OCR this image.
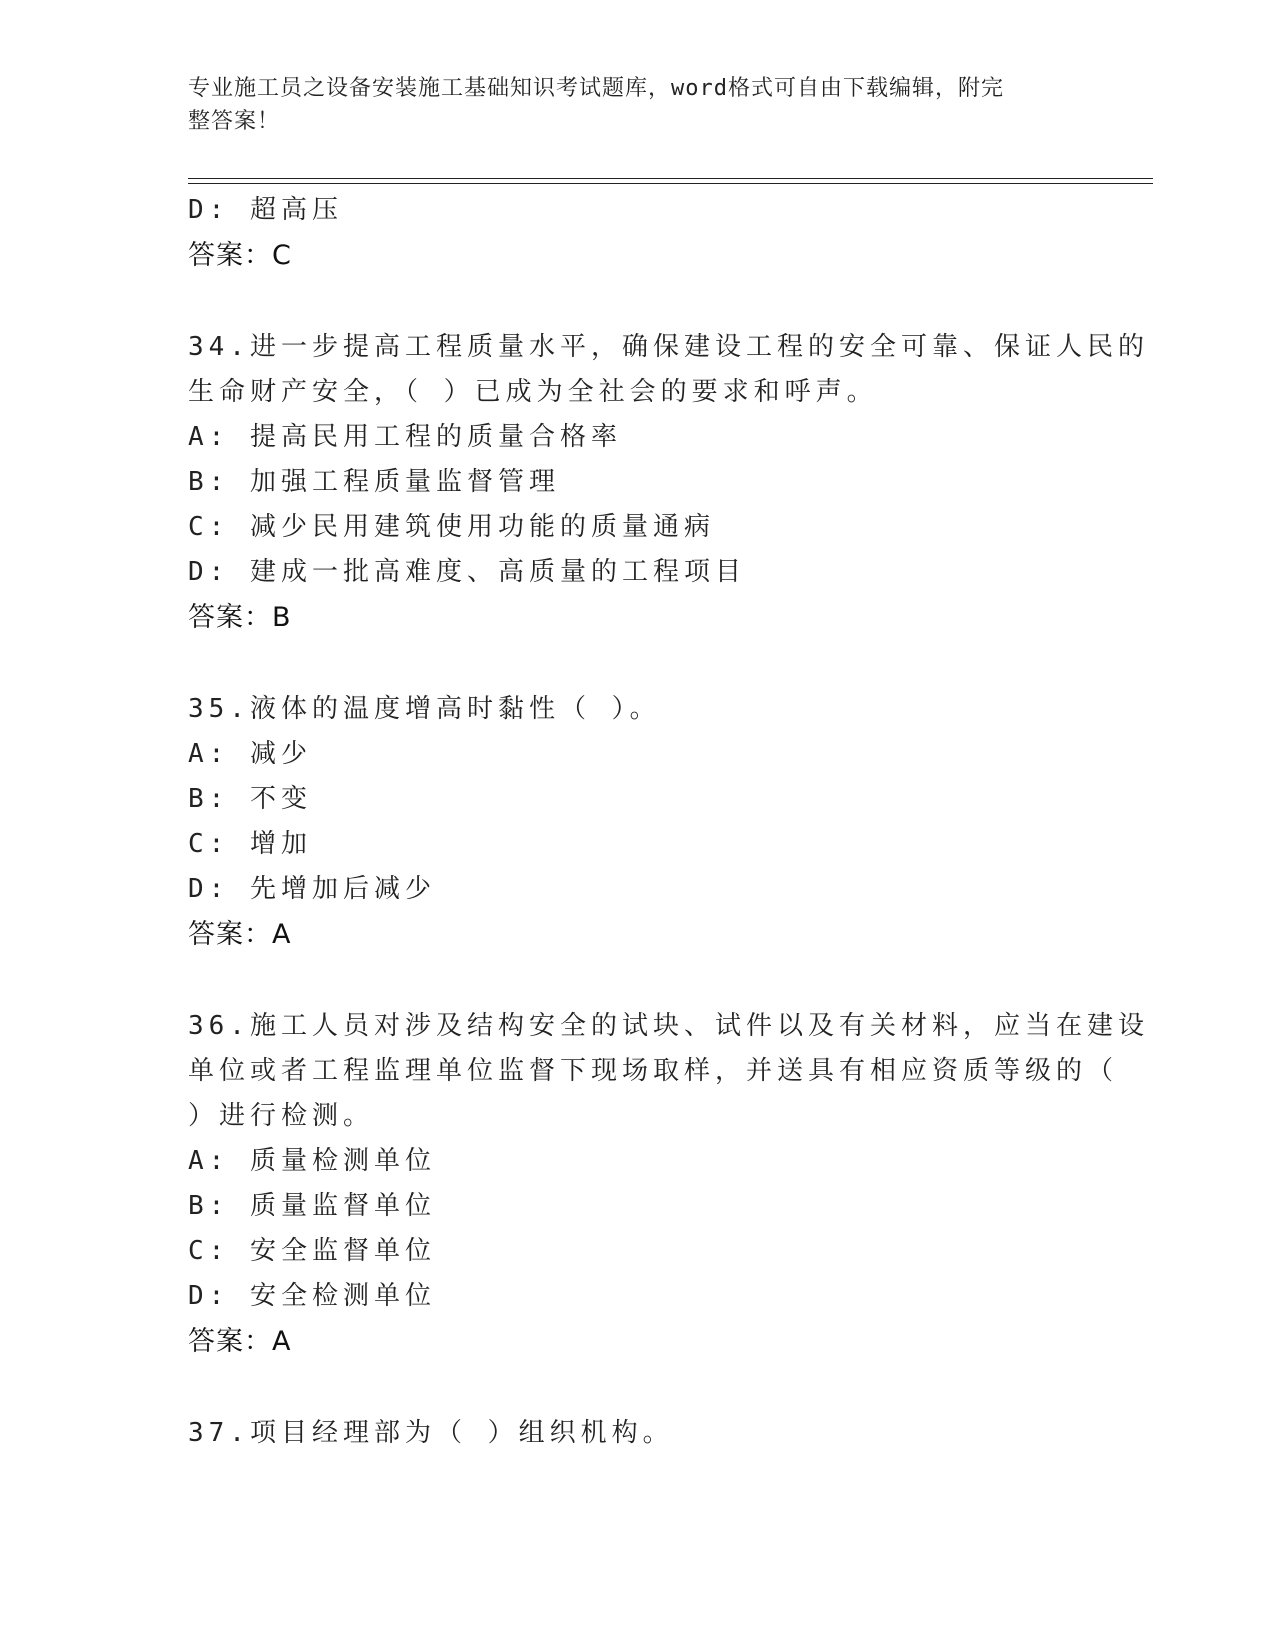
专业施工员之设备安装施工基础知识考试题库，word格式可自由下载编辑，附完
整答案！
D: 超高压
答案：C
34.进一步提高工程质量水平，确保建设工程的安全可靠、保证人民的
生命财产安全，（ ）已成为全社会的要求和呼声。
A: 提高民用工程的质量合格率
B: 加强工程质量监督管理
C: 减少民用建筑使用功能的质量通病
D: 建成一批高难度、高质量的工程项目
答案：B
35.液体的温度增高时黏性（ ）。
A: 减少
B: 不变
C: 增加
D: 先增加后减少
答案：A
36.施工人员对涉及结构安全的试块、试件以及有关材料，应当在建设
单位或者工程监理单位监督下现场取样，并送具有相应资质等级的（
）进行检测。
A: 质量检测单位
B: 质量监督单位
C: 安全监督单位
D: 安全检测单位
答案：A
37.项目经理部为（ ）组织机构。
